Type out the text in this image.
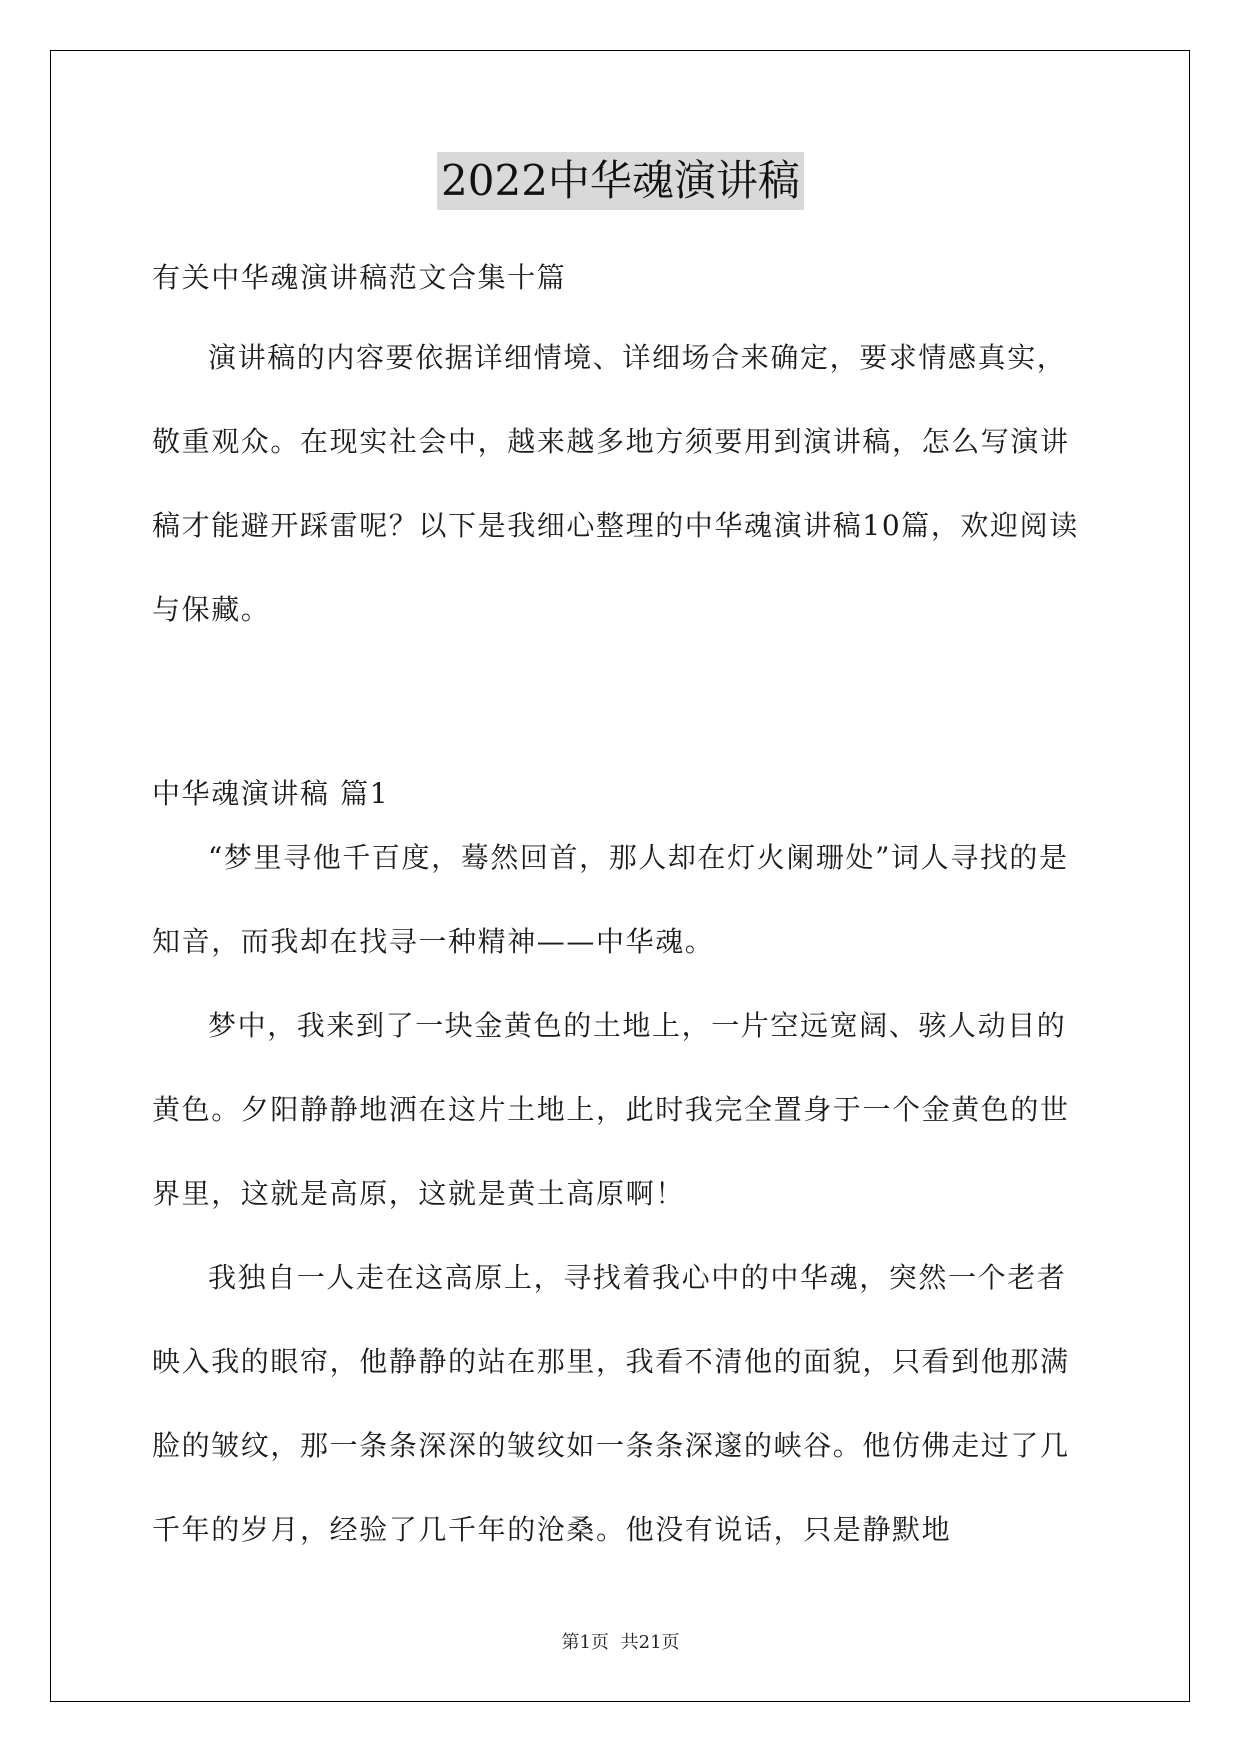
2022中华魂演讲稿
有关中华魂演讲稿范文合集十篇

演讲稿的内容要依据详细情境、详细场合来确定，要求情感真实，敬重观众。在现实社会中，越来越多地方须要用到演讲稿，怎么写演讲稿才能避开踩雷呢？以下是我细心整理的中华魂演讲稿10篇，欢迎阅读与保藏。

中华魂演讲稿 篇1

“梦里寻他千百度，蓦然回首，那人却在灯火阑珊处”词人寻找的是知音，而我却在找寻一种精神——中华魂。

梦中，我来到了一块金黄色的土地上，一片空远宽阔、骇人动目的黄色。夕阳静静地洒在这片土地上，此时我完全置身于一个金黄色的世界里，这就是高原，这就是黄土高原啊！

我独自一人走在这高原上，寻找着我心中的中华魂，突然一个老者映入我的眼帘，他静静的站在那里，我看不清他的面貌，只看到他那满脸的皱纹，那一条条深深的皱纹如一条条深邃的峡谷。他仿佛走过了几千年的岁月，经验了几千年的沧桑。他没有说话，只是静默地

第1页 共21页
